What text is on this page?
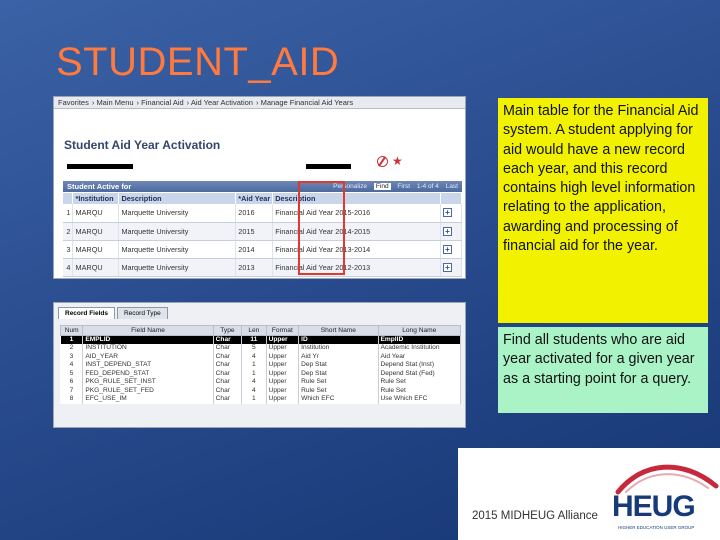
STUDENT_AID
Favorites › Main Menu › Financial Aid › Aid Year Activation › Manage Financial Aid Years
Student Aid Year Activation
★
Student Active for	Personalize Find First 1-4 of 4 Last
	*Institution	Description	*Aid Year	Description	
1	MARQU	Marquette University	2016	Financial Aid Year 2015-2016	+
2	MARQU	Marquette University	2015	Financial Aid Year 2014-2015	+
3	MARQU	Marquette University	2014	Financial Aid Year 2013-2014	+
4	MARQU	Marquette University	2013	Financial Aid Year 2012-2013	+
Record Fields	Record Type
Num	Field Name	Type	Len	Format	Short Name	Long Name
1	EMPLID	Char	11	Upper	ID	EmplID
2	INSTITUTION	Char	5	Upper	Institution	Academic Institution
3	AID_YEAR	Char	4	Upper	Aid Yr	Aid Year
4	INST_DEPEND_STAT	Char	1	Upper	Dep Stat	Depend Stat (Inst)
5	FED_DEPEND_STAT	Char	1	Upper	Dep Stat	Depend Stat (Fed)
6	PKG_RULE_SET_INST	Char	4	Upper	Rule Set	Rule Set
7	PKG_RULE_SET_FED	Char	4	Upper	Rule Set	Rule Set
8	EFC_USE_IM	Char	1	Upper	Which EFC	Use Which EFC
Main table for the Financial Aid system. A student applying for aid would have a new record each year, and this record contains high level information relating to the application, awarding and processing of financial aid for the year.
Find all students who are aid year activated for a given year as a starting point for a query.
2015 MIDHEUG Alliance HEUG
HIGHER EDUCATION USER GROUP
